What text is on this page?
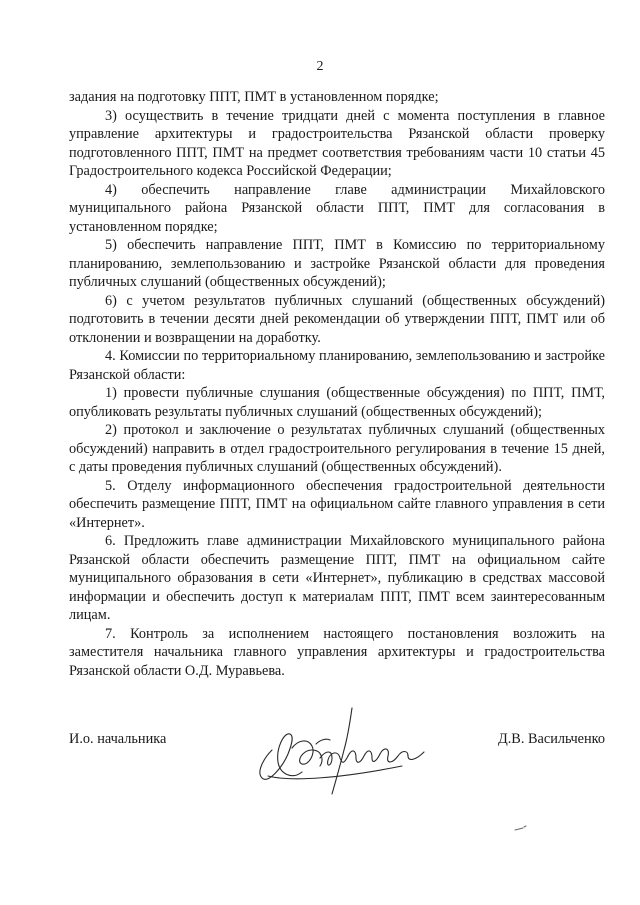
2

задания на подготовку ППТ, ПМТ в установленном порядке;

3) осуществить в течение тридцати дней с момента поступления в главное управление архитектуры и градостроительства Рязанской области проверку подготовленного ППТ, ПМТ на предмет соответствия требованиям части 10 статьи 45 Градостроительного кодекса Российской Федерации;

4) обеспечить направление главе администрации Михайловского муниципального района Рязанской области ППТ, ПМТ для согласования в установленном порядке;

5) обеспечить направление ППТ, ПМТ в Комиссию по территориальному планированию, землепользованию и застройке Рязанской области для проведения публичных слушаний (общественных обсуждений);

6) с учетом результатов публичных слушаний (общественных обсуждений) подготовить в течении десяти дней рекомендации об утверждении ППТ, ПМТ или об отклонении и возвращении на доработку.

4. Комиссии по территориальному планированию, землепользованию и застройке Рязанской области:

1) провести публичные слушания (общественные обсуждения) по ППТ, ПМТ, опубликовать результаты публичных слушаний (общественных обсуждений);

2) протокол и заключение о результатах публичных слушаний (общественных обсуждений) направить в отдел градостроительного регулирования в течение 15 дней, с даты проведения публичных слушаний (общественных обсуждений).

5. Отделу информационного обеспечения градостроительной деятельности обеспечить размещение ППТ, ПМТ на официальном сайте главного управления в сети «Интернет».

6. Предложить главе администрации Михайловского муниципального района Рязанской области обеспечить размещение ППТ, ПМТ на официальном сайте муниципального образования в сети «Интернет», публикацию в средствах массовой информации и обеспечить доступ к материалам ППТ, ПМТ всем заинтересованным лицам.

7. Контроль за исполнением настоящего постановления возложить на заместителя начальника главного управления архитектуры и градостроительства Рязанской области О.Д. Муравьева.

И.о. начальника	Д.В. Васильченко
